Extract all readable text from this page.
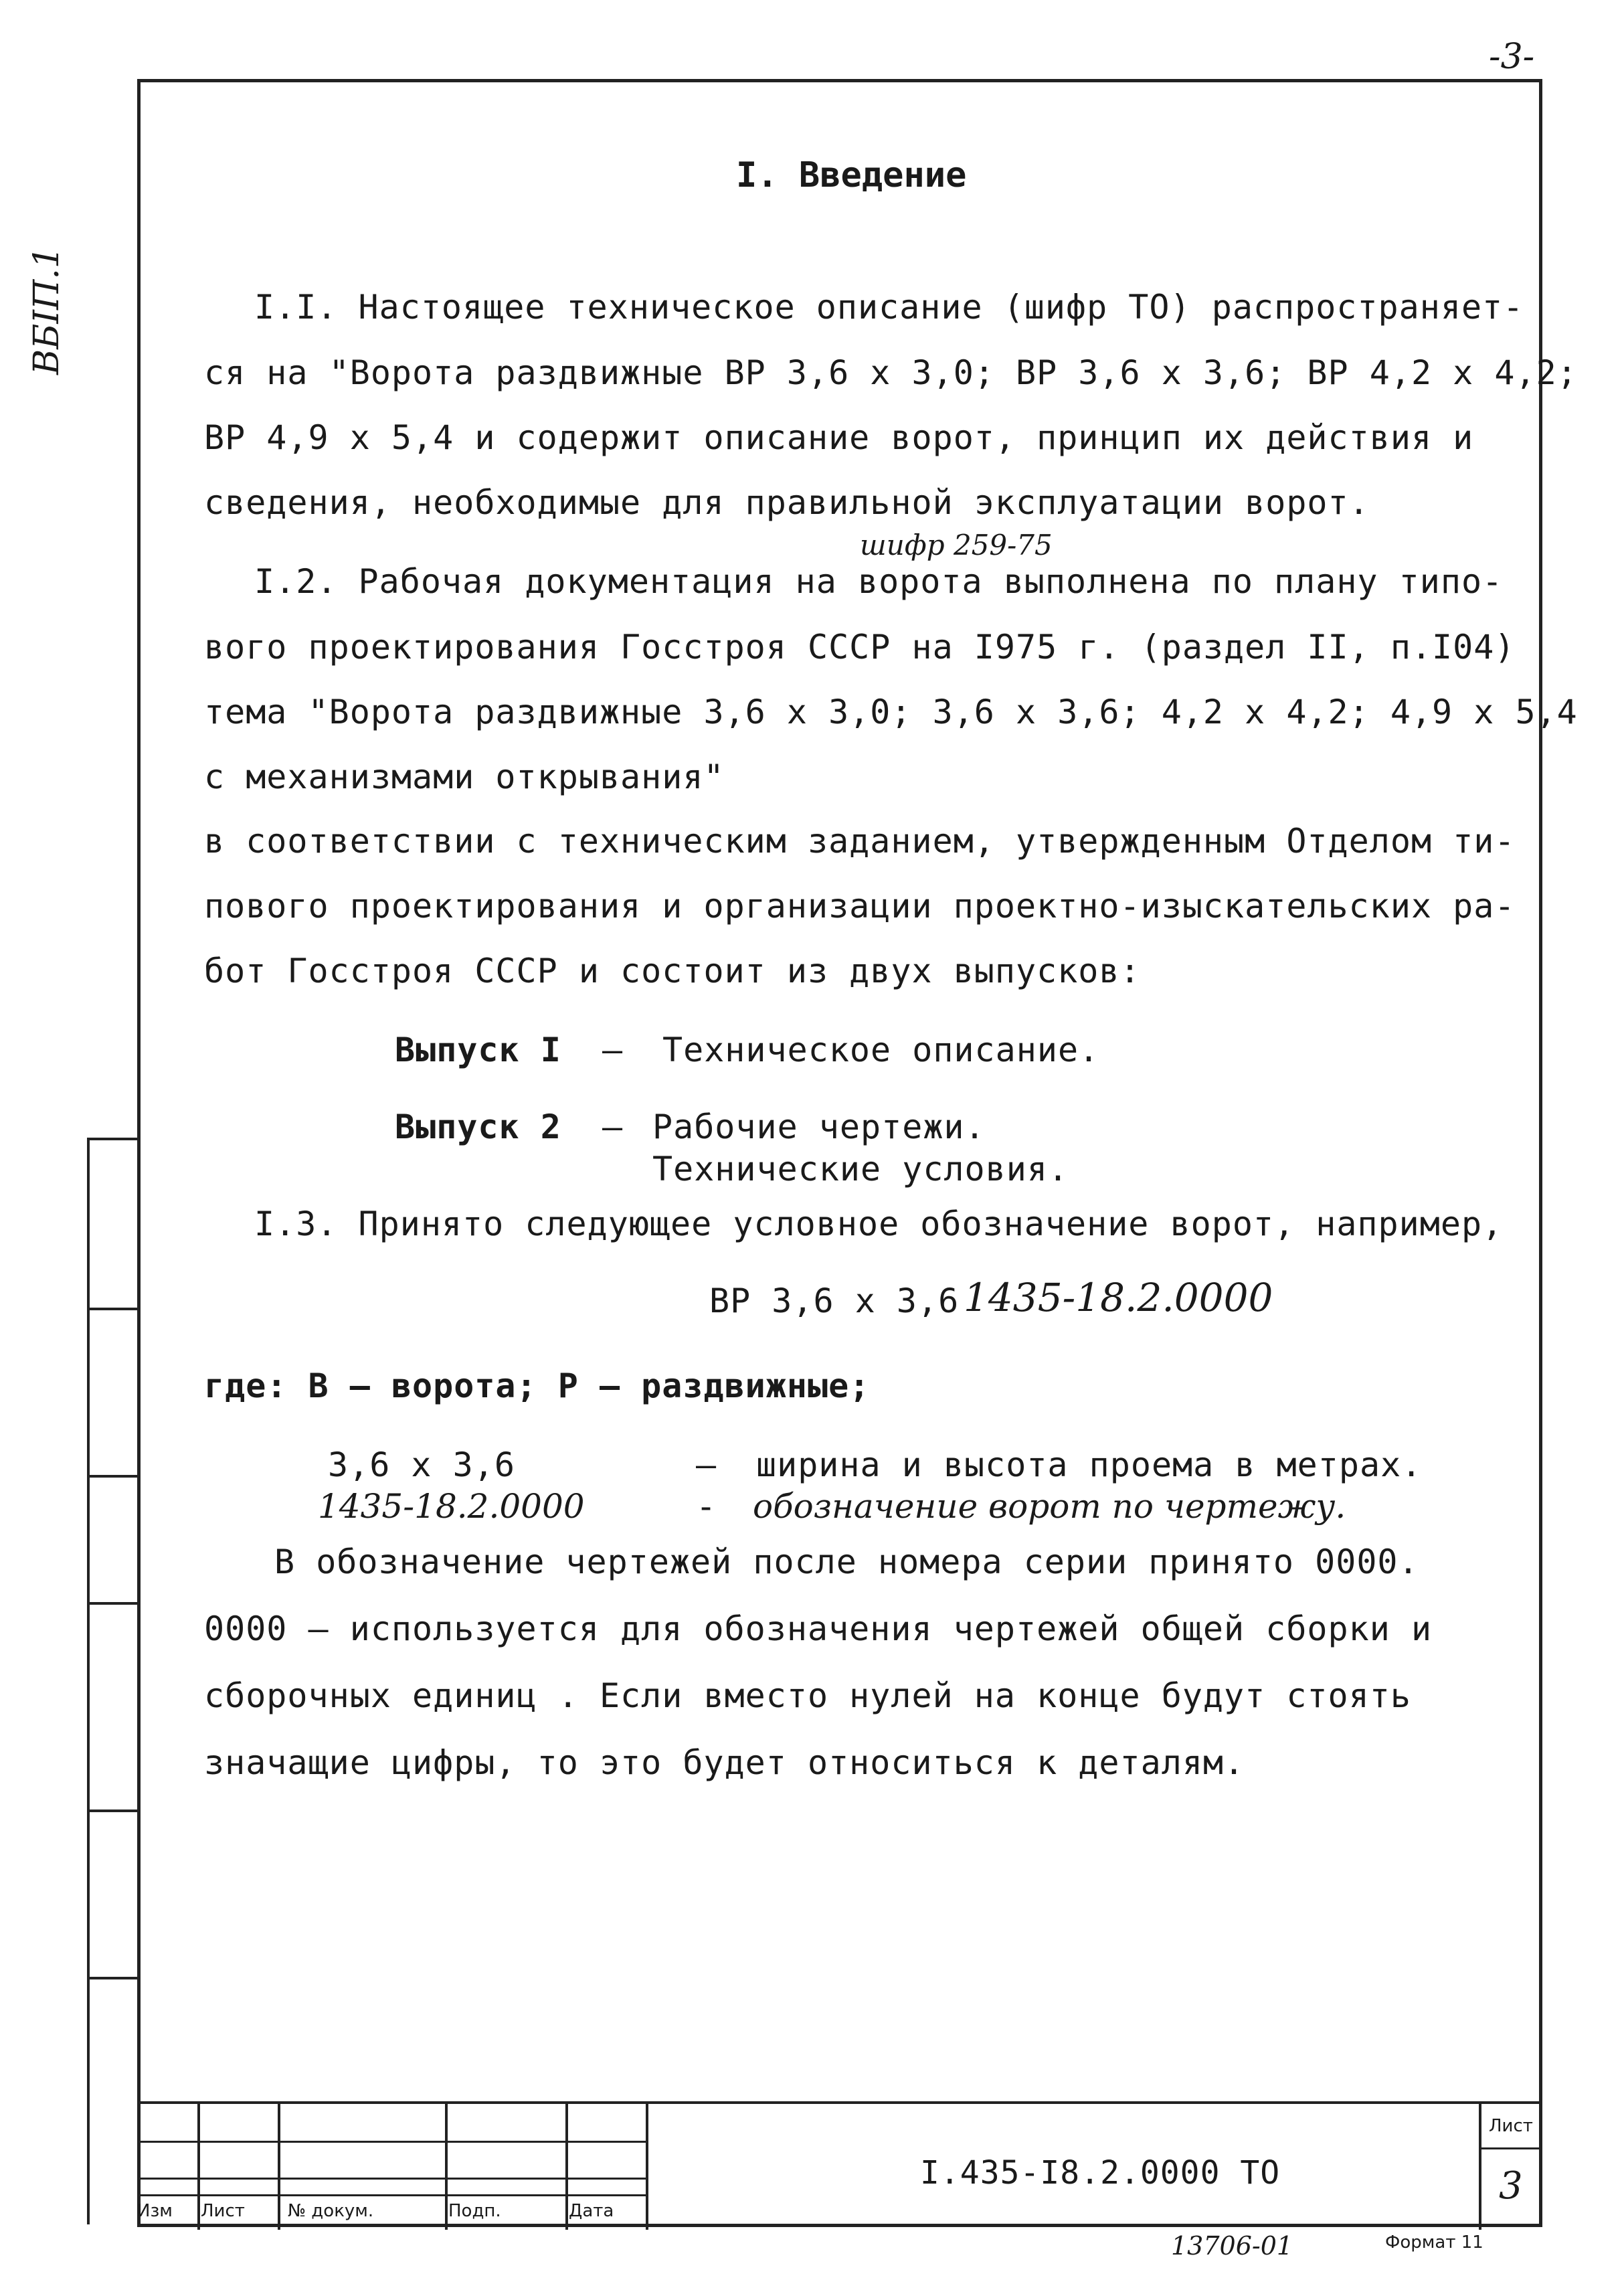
-3-
ВБІП.1
I. Введение
I.I. Настоящее техническое описание (шифр ТО) распространяет-
ся на "Ворота раздвижные ВР 3,6 х 3,0; ВР 3,6 х 3,6; ВР 4,2 х 4,2;
ВР 4,9 х 5,4 и содержит описание ворот, принцип их действия и
сведения, необходимые для правильной эксплуатации ворот.
шифр 259-75
I.2. Рабочая документация на ворота выполнена по плану типо-
вого проектирования Госстроя СССР на I975 г. (раздел II, п.I04)
тема "Ворота раздвижные 3,6 х 3,0; 3,6 х 3,6; 4,2 х 4,2; 4,9 х 5,4
с механизмами открывания"
в соответствии с техническим заданием, утвержденным Отделом ти-
пового проектирования и организации проектно-изыскательских ра-
бот Госстроя СССР и состоит из двух выпусков:
Выпуск I – Техническое описание.
Выпуск 2 – Рабочие чертежи.
Технические условия.
I.3. Принято следующее условное обозначение ворот, например,
ВР 3,6 х 3,6 1435-18.2.0000
где: В – ворота; Р – раздвижные;
3,6 х 3,6	– ширина и высота проема в метрах.
1435-18.2.0000	- обозначение ворот по чертежу.
В обозначение чертежей после номера серии принято 0000.
0000 – используется для обозначения чертежей общей сборки и
сборочных единиц . Если вместо нулей на конце будут стоять
значащие цифры, то это будет относиться к деталям.
Изм Лист № докум.	Подп.	Дата
I.435-I8.2.0000 ТО
Лист
3
13706-01	Формат 11
